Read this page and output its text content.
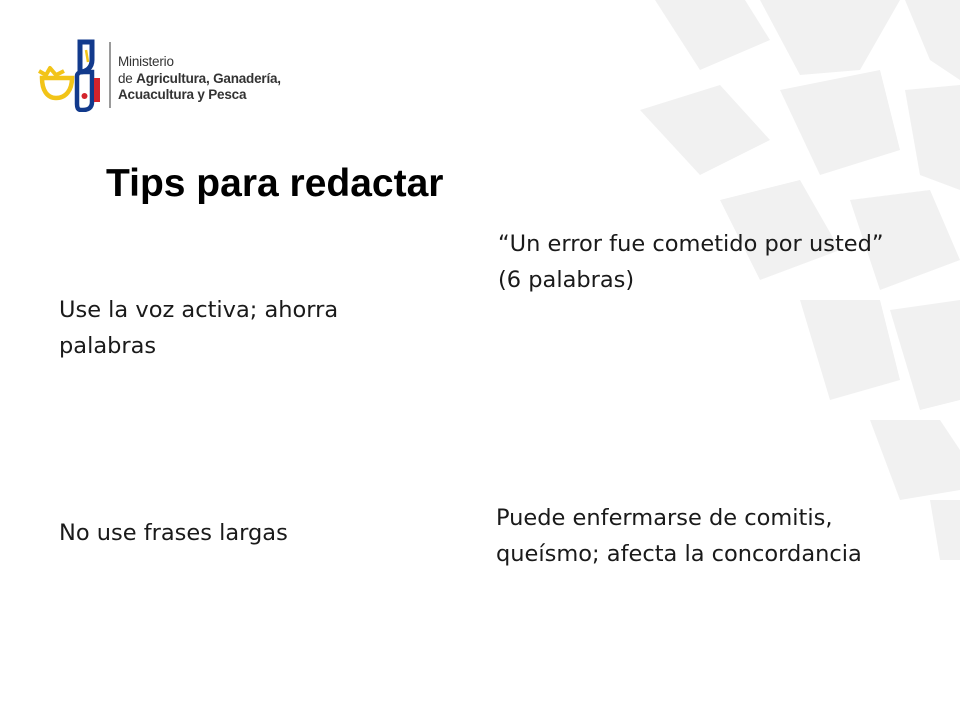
Ministerio
de Agricultura, Ganadería,
Acuacultura y Pesca
Tips para redactar

Use la voz activa; ahorra palabras

“Un error fue cometido por usted” (6 palabras)

No use frases largas

Puede enfermarse de comitis, queísmo; afecta la concordancia
